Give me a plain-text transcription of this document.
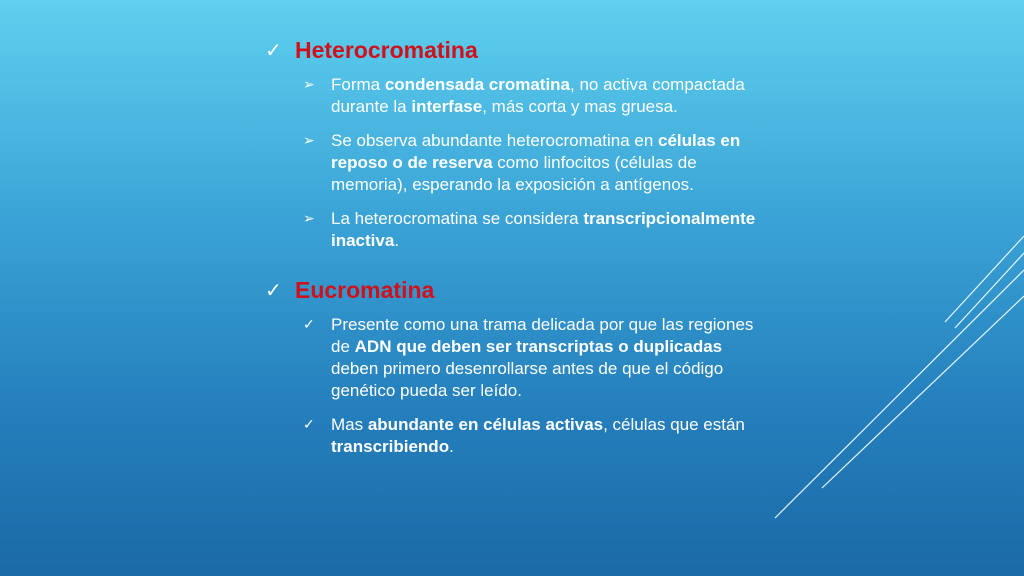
✓ Heterocromatina
➢ Forma condensada cromatina, no activa compactada durante la interfase, más corta y mas gruesa.
➢ Se observa abundante heterocromatina en células en reposo o de reserva como linfocitos (células de memoria), esperando la exposición a antígenos.
➢ La heterocromatina se considera transcripcionalmente inactiva.
✓ Eucromatina
✓ Presente como una trama delicada por que las regiones de ADN que deben ser transcriptas o duplicadas deben primero desenrollarse antes de que el código genético pueda ser leído.
✓ Mas abundante en células activas, células que están transcribiendo.
